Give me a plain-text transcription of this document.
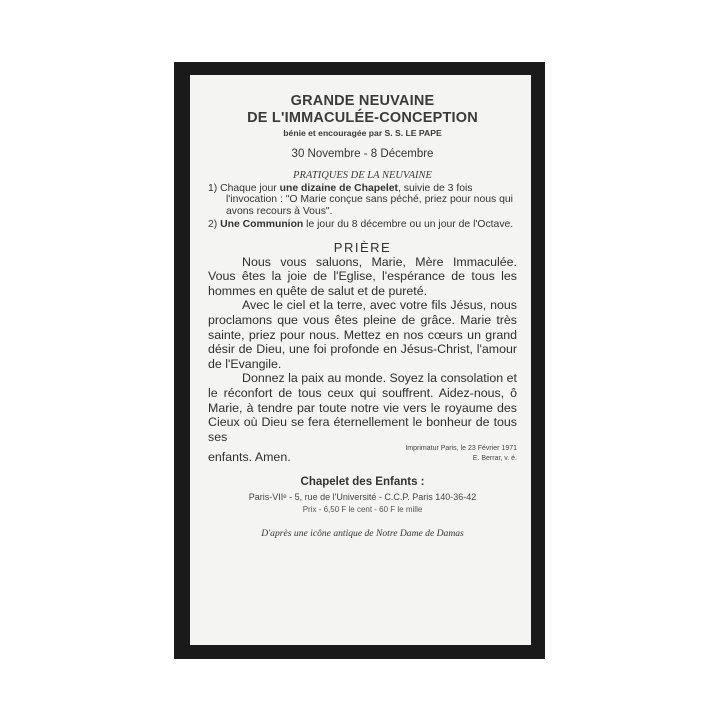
GRANDE NEUVAINE
DE L'IMMACULÉE-CONCEPTION
bénie et encouragée par S. S. LE PAPE
30 Novembre - 8 Décembre
PRATIQUES DE LA NEUVAINE
1) Chaque jour une dizaine de Chapelet, suivie de 3 fois l'invocation : "O Marie conçue sans péché, priez pour nous qui avons recours à Vous".
2) Une Communion le jour du 8 décembre ou un jour de l'Octave.
PRIÈRE

Nous vous saluons, Marie, Mère Immaculée. Vous êtes la joie de l'Eglise, l'espérance de tous les hommes en quête de salut et de pureté.

Avec le ciel et la terre, avec votre fils Jésus, nous proclamons que vous êtes pleine de grâce. Marie très sainte, priez pour nous. Mettez en nos cœurs un grand désir de Dieu, une foi profonde en Jésus-Christ, l'amour de l'Evangile.

Donnez la paix au monde. Soyez la consolation et le réconfort de tous ceux qui souffrent. Aidez-nous, ô Marie, à tendre par toute notre vie vers le royaume des Cieux où Dieu se fera éternellement le bonheur de tous ses

enfants. Amen.
Imprimatur Paris, le 23 Février 1971
E. Berrar, v. é.
Chapelet des Enfants :
Paris-VIIᵉ - 5, rue de l'Université - C.C.P. Paris 140-36-42
Prix - 6,50 F le cent - 60 F le mille
D'après une icône antique de Notre Dame de Damas
